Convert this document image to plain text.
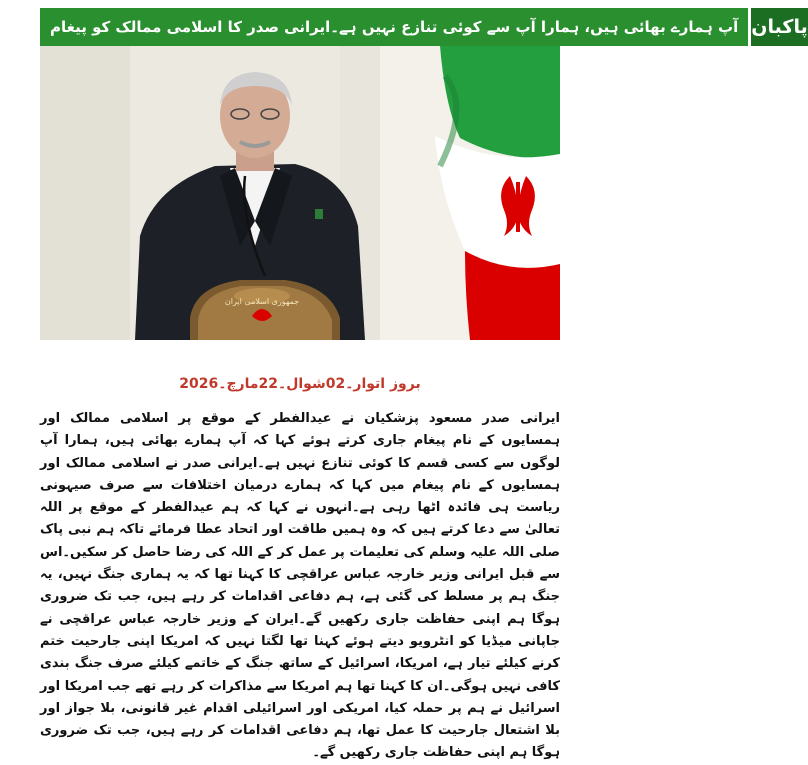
آپ ہمارے بھائی ہیں، ہمارا آپ سے کوئی تنازع نہیں ہے۔ایرانی صدر کا اسلامی ممالک کو پیغام پاکبان
جمهوری اسلامی ایران
بروز اتوار۔02شوال۔22مارچ۔2026

ایرانی صدر مسعود پزشکیان نے عیدالفطر کے موقع پر اسلامی ممالک اور ہمسایوں کے نام پیغام جاری کرتے ہوئے کہا کہ آپ ہمارے بھائی ہیں، ہمارا آپ لوگوں سے کسی قسم کا کوئی تنازع نہیں ہے۔ایرانی صدر نے اسلامی ممالک اور ہمسایوں کے نام پیغام میں کہا کہ ہمارے درمیان اختلافات سے صرف صیہونی ریاست ہی فائدہ اٹھا رہی ہے۔انہوں نے کہا کہ ہم عیدالفطر کے موقع پر اللہ تعالیٰ سے دعا کرتے ہیں کہ وہ ہمیں طاقت اور اتحاد عطا فرمائے تاکہ ہم نبی پاک صلی اللہ علیہ وسلم کی تعلیمات پر عمل کر کے اللہ کی رضا حاصل کر سکیں۔اس سے قبل ایرانی وزیر خارجہ عباس عراقچی کا کہنا تھا کہ یہ ہماری جنگ نہیں، یہ جنگ ہم پر مسلط کی گئی ہے، ہم دفاعی اقدامات کر رہے ہیں، جب تک ضروری ہوگا ہم اپنی حفاظت جاری رکھیں گے۔ایران کے وزیر خارجہ عباس عراقچی نے جاپانی میڈیا کو انٹرویو دیتے ہوئے کہنا تھا لگتا نہیں کہ امریکا اپنی جارحیت ختم کرنے کیلئے تیار ہے، امریکا، اسرائیل کے ساتھ جنگ کے خاتمے کیلئے صرف جنگ بندی کافی نہیں ہوگی۔ان کا کہنا تھا ہم امریکا سے مذاکرات کر رہے تھے جب امریکا اور اسرائیل نے ہم پر حملہ کیا، امریکی اور اسرائیلی اقدام غیر قانونی، بلا جواز اور بلا اشتعال جارحیت کا عمل تھا، ہم دفاعی اقدامات کر رہے ہیں، جب تک ضروری ہوگا ہم اپنی حفاظت جاری رکھیں گے۔
